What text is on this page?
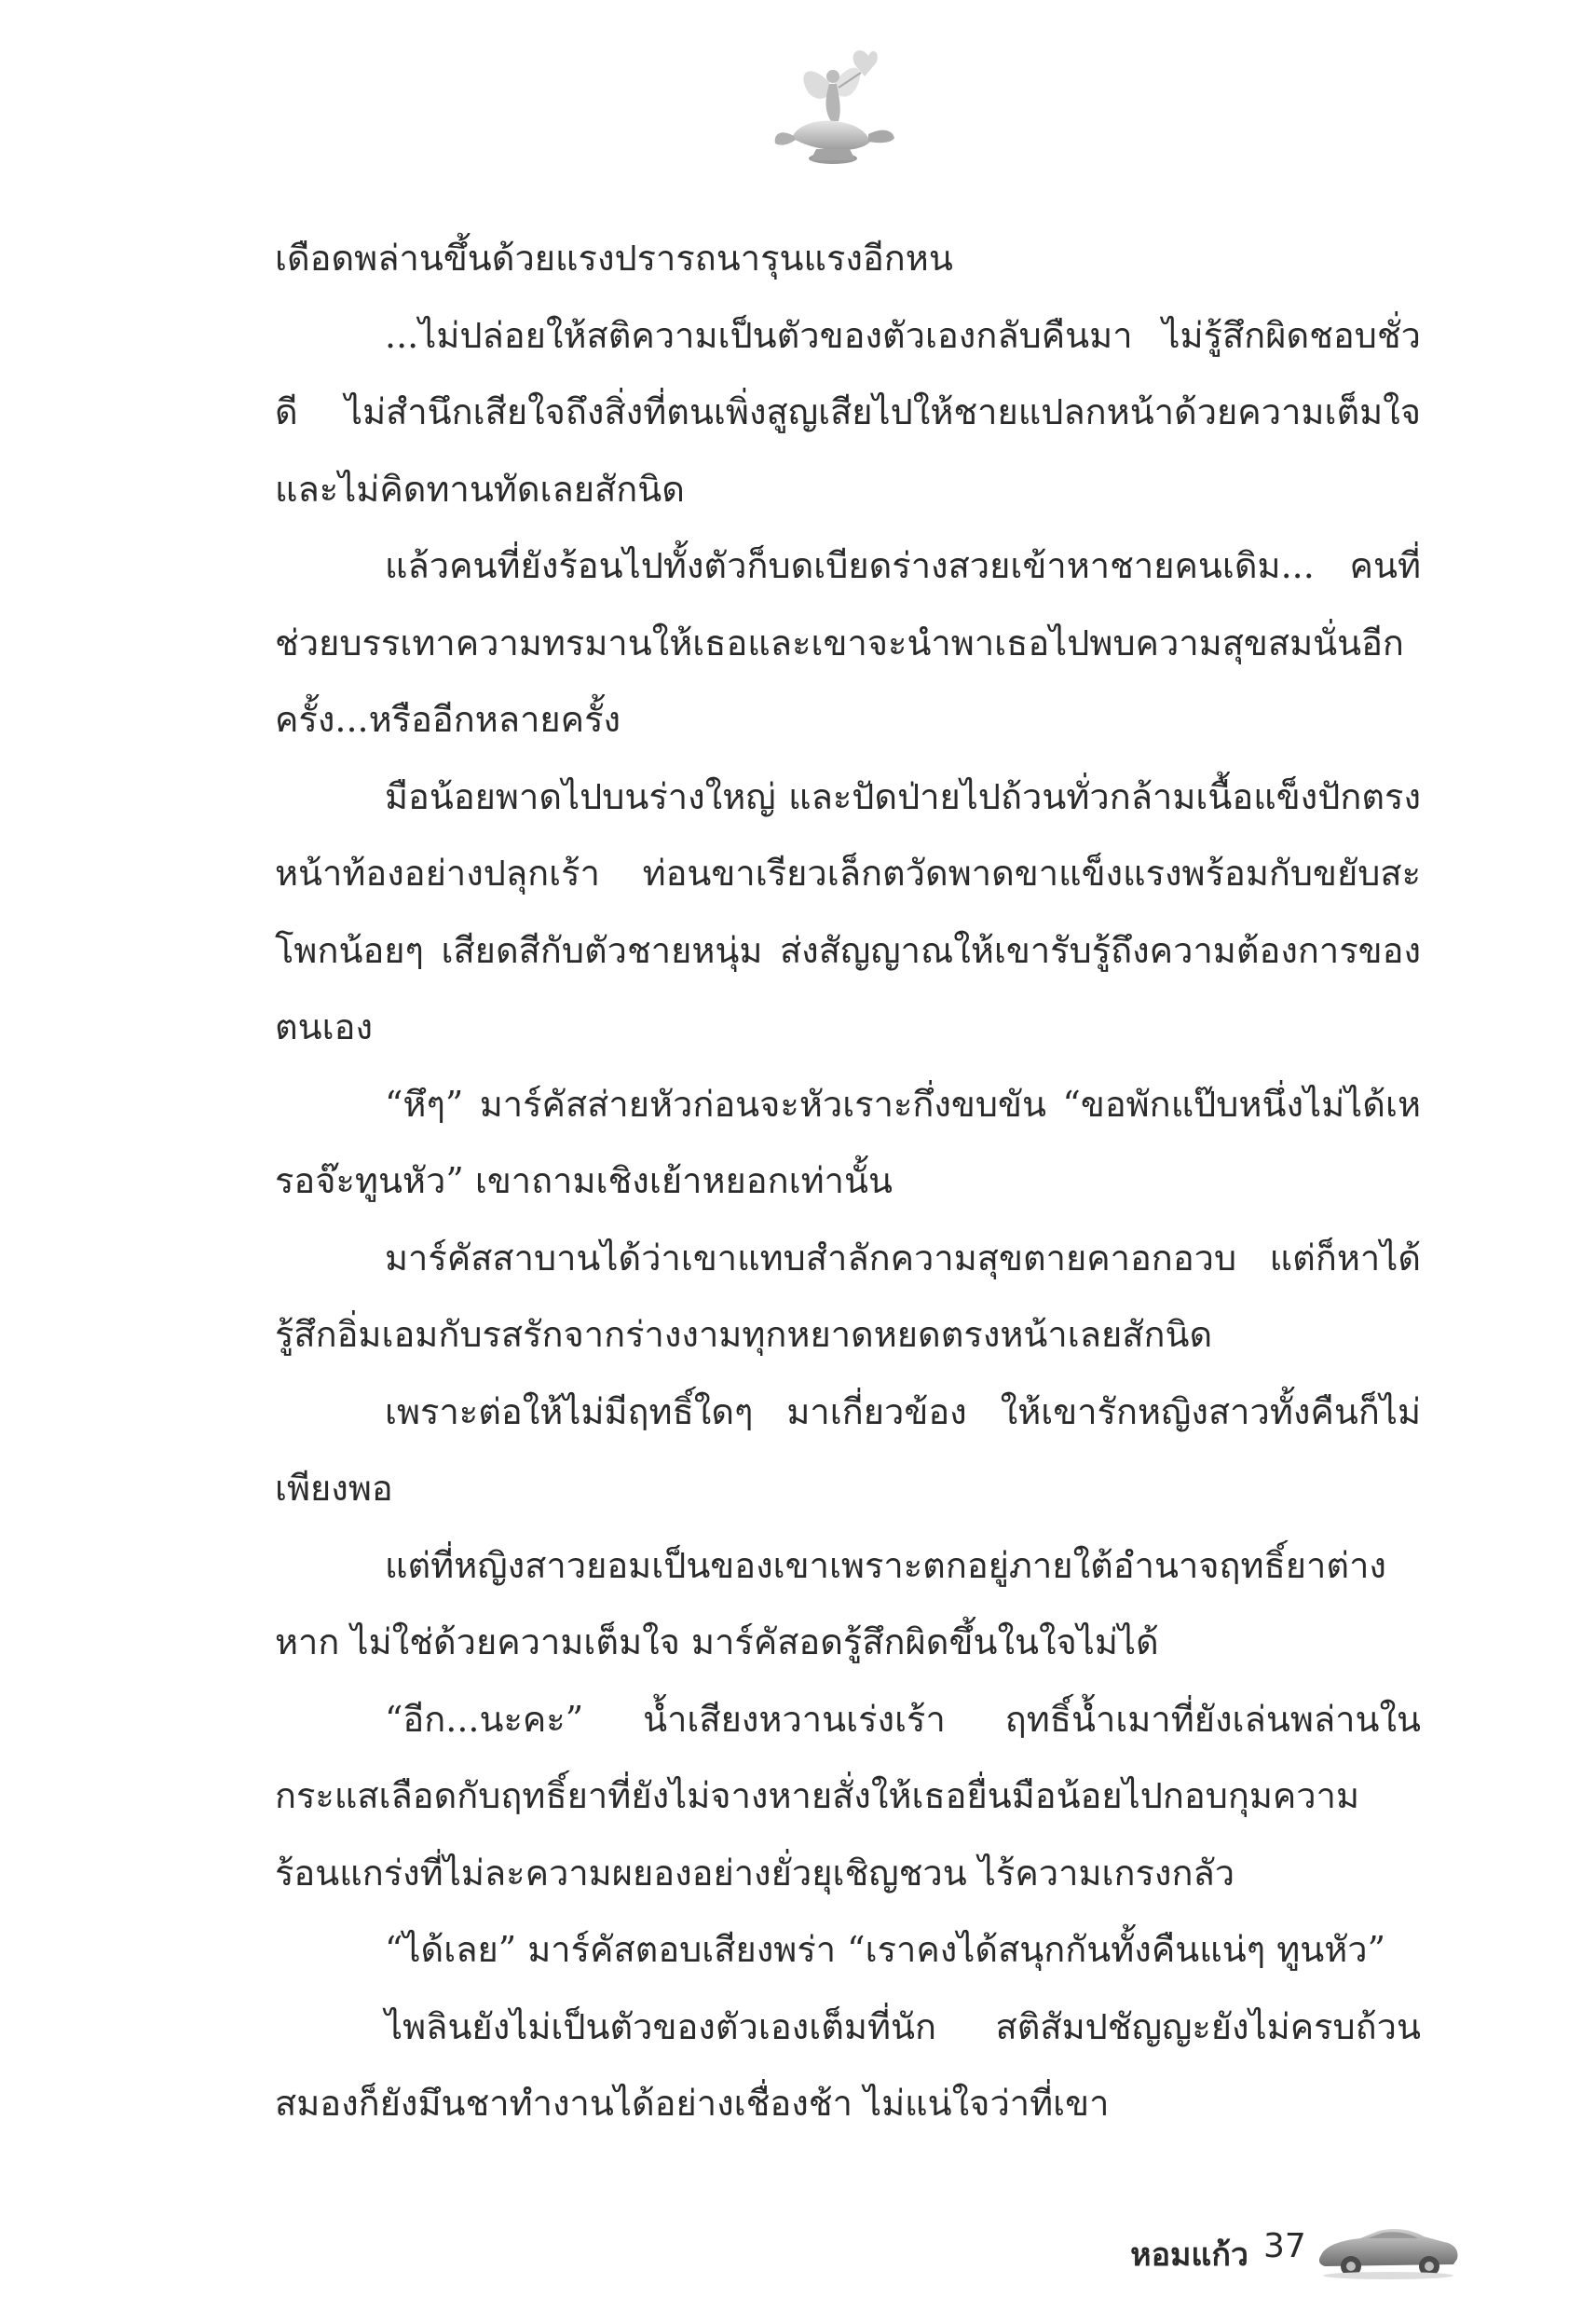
เดือดพล่านขึ้นด้วยแรงปรารถนารุนแรงอีกหน

...ไม่ปล่อยให้สติความเป็นตัวของตัวเองกลับคืนมา ไม่รู้สึกผิดชอบชั่วดี ไม่สำนึกเสียใจถึงสิ่งที่ตนเพิ่งสูญเสียไปให้ชายแปลกหน้าด้วยความเต็มใจและไม่คิดทานทัดเลยสักนิด

แล้วคนที่ยังร้อนไปทั้งตัวก็บดเบียดร่างสวยเข้าหาชายคนเดิม... คนที่ช่วยบรรเทาความทรมานให้เธอและเขาจะนำพาเธอไปพบความสุขสมนั่นอีกครั้ง...หรืออีกหลายครั้ง

มือน้อยพาดไปบนร่างใหญ่ และปัดป่ายไปถ้วนทั่วกล้ามเนื้อแข็งปักตรงหน้าท้องอย่างปลุกเร้า ท่อนขาเรียวเล็กตวัดพาดขาแข็งแรงพร้อมกับขยับสะโพกน้อยๆ เสียดสีกับตัวชายหนุ่ม ส่งสัญญาณให้เขารับรู้ถึงความต้องการของตนเอง

“หึๆ” มาร์คัสส่ายหัวก่อนจะหัวเราะกึ่งขบขัน “ขอพักแป๊บหนึ่งไม่ได้เหรอจ๊ะทูนหัว” เขาถามเชิงเย้าหยอกเท่านั้น

มาร์คัสสาบานได้ว่าเขาแทบสำลักความสุขตายคาอกอวบ แต่ก็หาได้รู้สึกอิ่มเอมกับรสรักจากร่างงามทุกหยาดหยดตรงหน้าเลยสักนิด

เพราะต่อให้ไม่มีฤทธิ์ใดๆ มาเกี่ยวข้อง ให้เขารักหญิงสาวทั้งคืนก็ไม่เพียงพอ

แต่ที่หญิงสาวยอมเป็นของเขาเพราะตกอยู่ภายใต้อำนาจฤทธิ์ยาต่างหาก ไม่ใช่ด้วยความเต็มใจ มาร์คัสอดรู้สึกผิดขึ้นในใจไม่ได้

“อีก...นะคะ” น้ำเสียงหวานเร่งเร้า ฤทธิ์น้ำเมาที่ยังเล่นพล่านในกระแสเลือดกับฤทธิ์ยาที่ยังไม่จางหายสั่งให้เธอยื่นมือน้อยไปกอบกุมความร้อนแกร่งที่ไม่ละความผยองอย่างยั่วยุเชิญชวน ไร้ความเกรงกลัว

“ได้เลย” มาร์คัสตอบเสียงพร่า “เราคงได้สนุกกันทั้งคืนแน่ๆ ทูนหัว”

ไพลินยังไม่เป็นตัวของตัวเองเต็มที่นัก สติสัมปชัญญะยังไม่ครบถ้วน สมองก็ยังมึนชาทำงานได้อย่างเชื่องช้า ไม่แน่ใจว่าที่เขา

หอมแก้ว 37
